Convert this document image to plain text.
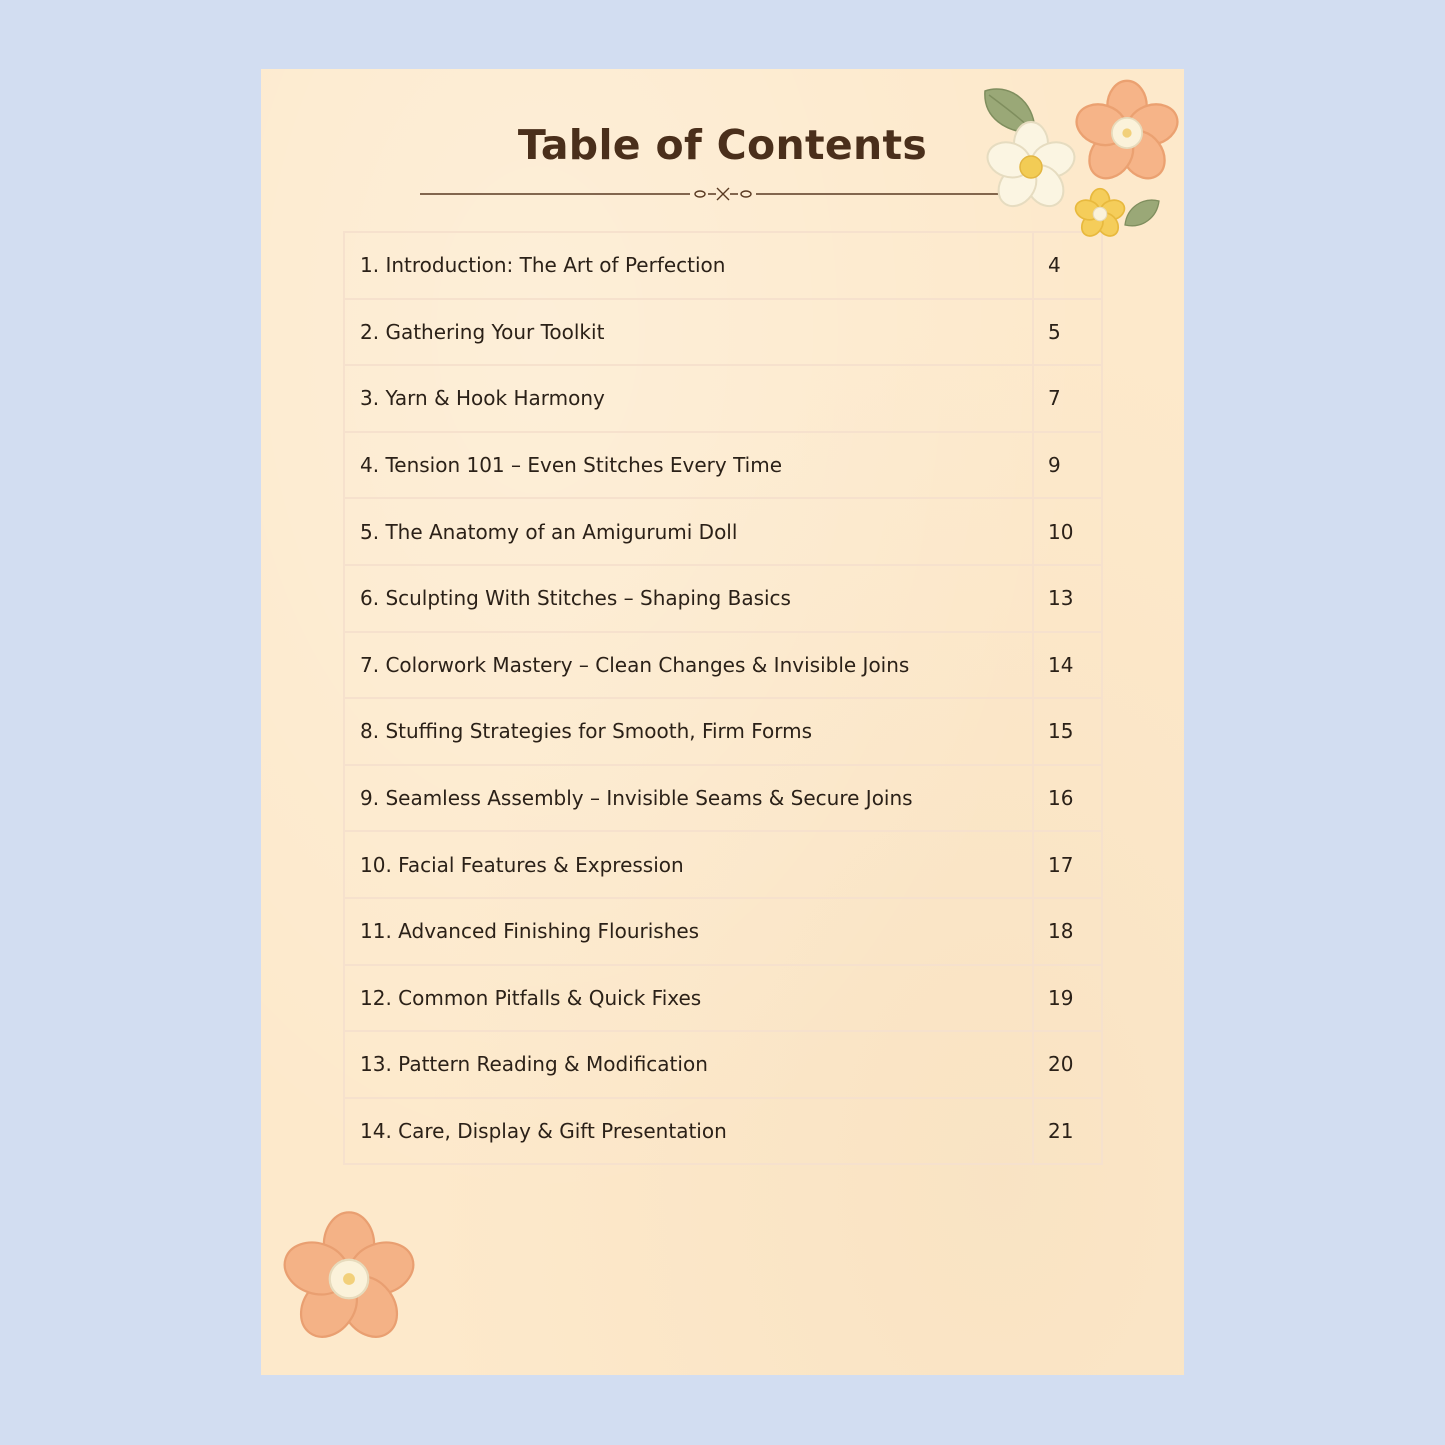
Table of Contents
1. Introduction: The Art of Perfection	4
2. Gathering Your Toolkit	5
3. Yarn & Hook Harmony	7
4. Tension 101 – Even Stitches Every Time	9
5. The Anatomy of an Amigurumi Doll	10
6. Sculpting With Stitches – Shaping Basics	13
7. Colorwork Mastery – Clean Changes & Invisible Joins	14
8. Stuffing Strategies for Smooth, Firm Forms	15
9. Seamless Assembly – Invisible Seams & Secure Joins	16
10. Facial Features & Expression	17
11. Advanced Finishing Flourishes	18
12. Common Pitfalls & Quick Fixes	19
13. Pattern Reading & Modification	20
14. Care, Display & Gift Presentation	21
